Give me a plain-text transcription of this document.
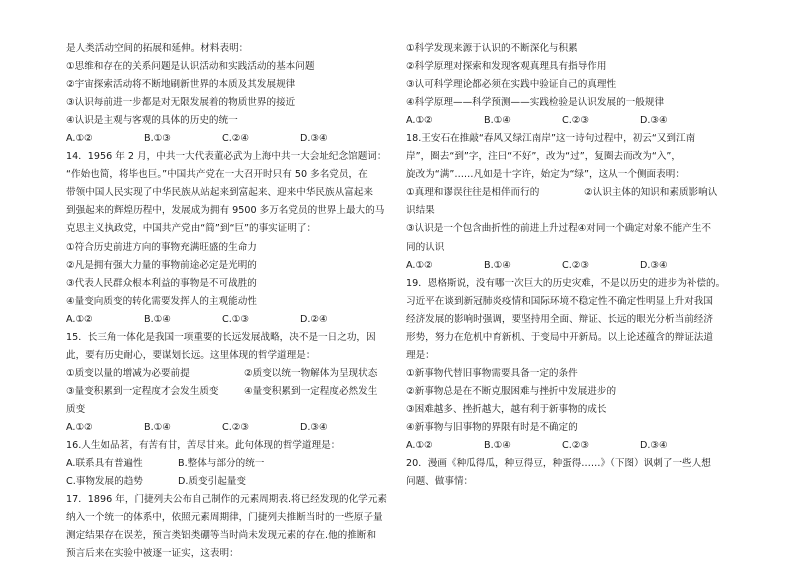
是人类活动空间的拓展和延伸。材料表明：
①思维和存在的关系问题是认识活动和实践活动的基本问题
②宇宙探索活动将不断地刷新世界的本质及其发展规律
③认识每前进一步都是对无限发展着的物质世界的接近
④认识是主观与客观的具体的历史的统一
A.①②	B.①③	C.②④	D.③④
14．1956 年 2 月，中共一大代表董必武为上海中共一大会址纪念馆题词：
“作始也简，将毕也巨。”中国共产党在一大召开时只有 50 多名党员，在
带领中国人民实现了中华民族从站起来到富起来、迎来中华民族从富起来
到强起来的辉煌历程中，发展成为拥有 9500 多万名党员的世界上最大的马
克思主义执政党，中国共产党由“简”到“巨”的事实证明了：
①符合历史前进方向的事物充满旺盛的生命力
②凡是拥有强大力量的事物前途必定是光明的
③代表人民群众根本利益的事物是不可战胜的
④量变向质变的转化需要发挥人的主观能动性
A.①②	B.①④	C.①③	D.②④
15．长三角一体化是我国一项重要的长远发展战略，决不是一日之功，因
此，要有历史耐心，要谋划长远。这里体现的哲学道理是：
①质变以量的增减为必要前提	②质变以统一物解体为呈现状态
③量变积累到一定程度才会发生质变	④量变积累到一定程度必然发生
质变
A.①②	B.①④	C.②③	D.③④
16.人生如品茗，有苦有甘，苦尽甘来。此句体现的哲学道理是：
A.联系具有普遍性	B.整体与部分的统一
C.事物发展的趋势	D.质变引起量变
17．1896 年，门捷列夫公布自己制作的元素周期表.将已经发现的化学元素
纳入一个统一的体系中，依照元素周期律，门捷列夫推断当时的一些原子量
测定结果存在误差，预言类铝类硼等当时尚未发现元素的存在.他的推断和
预言后来在实验中被逐一证实，这表明：
①科学发现来源于认识的不断深化与积累
②科学原理对探索和发现客观真理具有指导作用
③认可科学理论都必须在实践中验证自己的真理性
④科学原理——科学预测——实践检验是认识发展的一般规律
A.①②	B.①④	C.②③	D.③④
18.王安石在推敲“春风又绿江南岸”这一诗句过程中，初云“又到江南
岸”，圈去“到”字，注曰“不好”，改为“过”，复圈去而改为“入”，
旋改为“满”……凡如是十字许，始定为“绿”，这从一个侧面表明：
①真理和谬误往往是相伴而行的	②认识主体的知识和素质影响认
识结果
③认识是一个包含曲折性的前进上升过程④对同一个确定对象不能产生不
同的认识
A.①②	B.①④	C.②③	D.③④
19．恩格斯说，没有哪一次巨大的历史灾难，不是以历史的进步为补偿的。
习近平在谈到新冠肺炎疫情和国际环境不稳定性不确定性明显上升对我国
经济发展的影响时强调，要坚持用全面、辩证、长远的眼光分析当前经济
形势，努力在危机中育新机、于变局中开新局。以上论述蕴含的辩证法道
理是：
①新事物代替旧事物需要具备一定的条件
②新事物总是在不断克服困难与挫折中发展进步的
③困难越多、挫折越大，越有利于新事物的成长
④新事物与旧事物的界限有时是不确定的
A.①②	B.①④	C.②③	D.③④
20．漫画《种瓜得瓜，种豆得豆，种蛋得……》（下图）讽刺了一些人想
问题、做事情：
